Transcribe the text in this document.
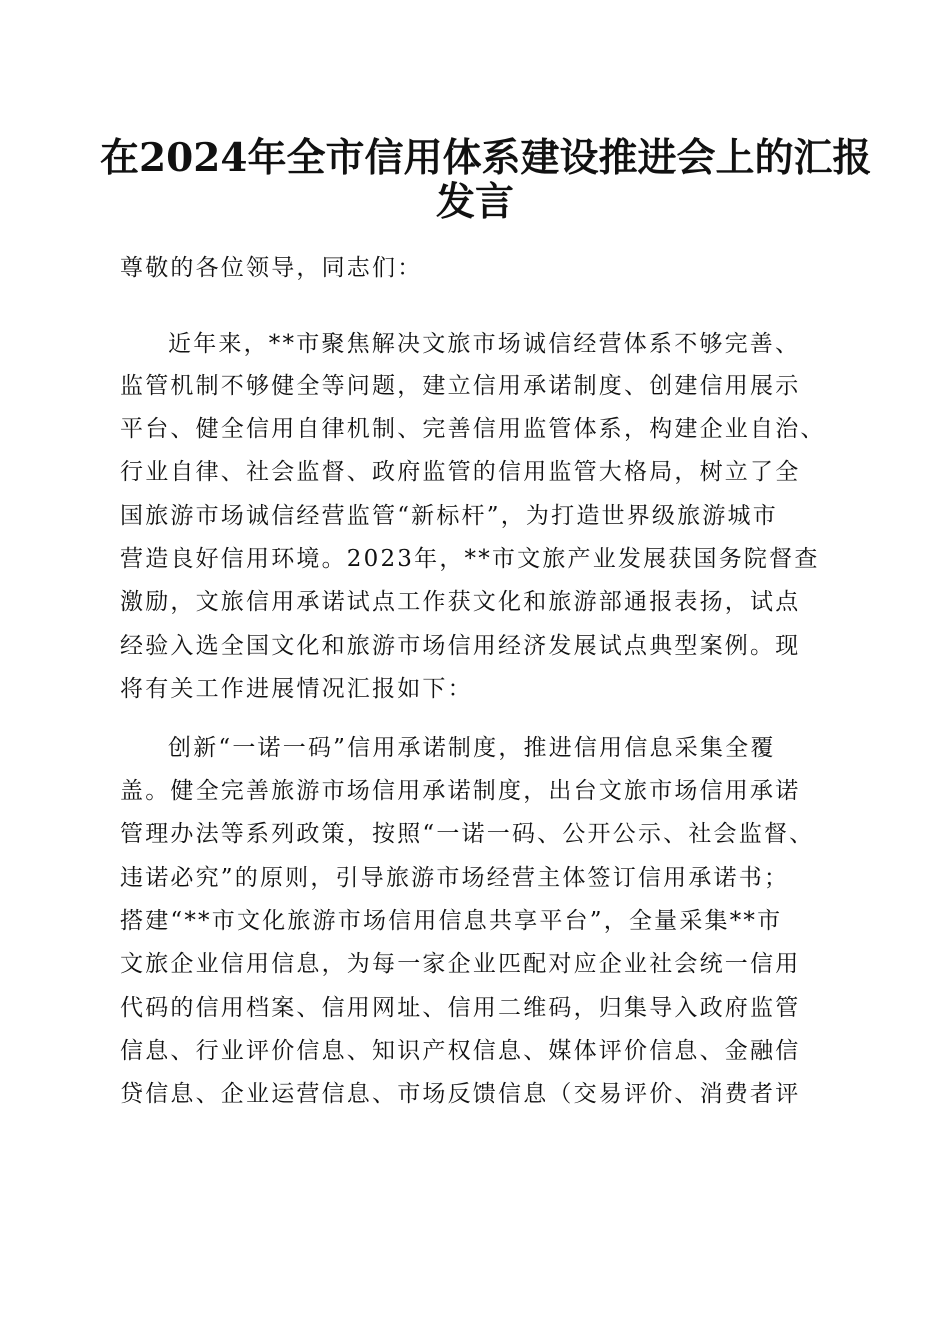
在2024年全市信用体系建设推进会上的汇报
发言
尊敬的各位领导，同志们：
近年来，**市聚焦解决文旅市场诚信经营体系不够完善、
监管机制不够健全等问题，建立信用承诺制度、创建信用展示
平台、健全信用自律机制、完善信用监管体系，构建企业自治、
行业自律、社会监督、政府监管的信用监管大格局，树立了全
国旅游市场诚信经营监管“新标杆”，为打造世界级旅游城市
营造良好信用环境。2023年，**市文旅产业发展获国务院督查
激励，文旅信用承诺试点工作获文化和旅游部通报表扬，试点
经验入选全国文化和旅游市场信用经济发展试点典型案例。现
将有关工作进展情况汇报如下：
创新“一诺一码”信用承诺制度，推进信用信息采集全覆
盖。健全完善旅游市场信用承诺制度，出台文旅市场信用承诺
管理办法等系列政策，按照“一诺一码、公开公示、社会监督、
违诺必究”的原则，引导旅游市场经营主体签订信用承诺书；
搭建“**市文化旅游市场信用信息共享平台”，全量采集**市
文旅企业信用信息，为每一家企业匹配对应企业社会统一信用
代码的信用档案、信用网址、信用二维码，归集导入政府监管
信息、行业评价信息、知识产权信息、媒体评价信息、金融信
贷信息、企业运营信息、市场反馈信息（交易评价、消费者评
